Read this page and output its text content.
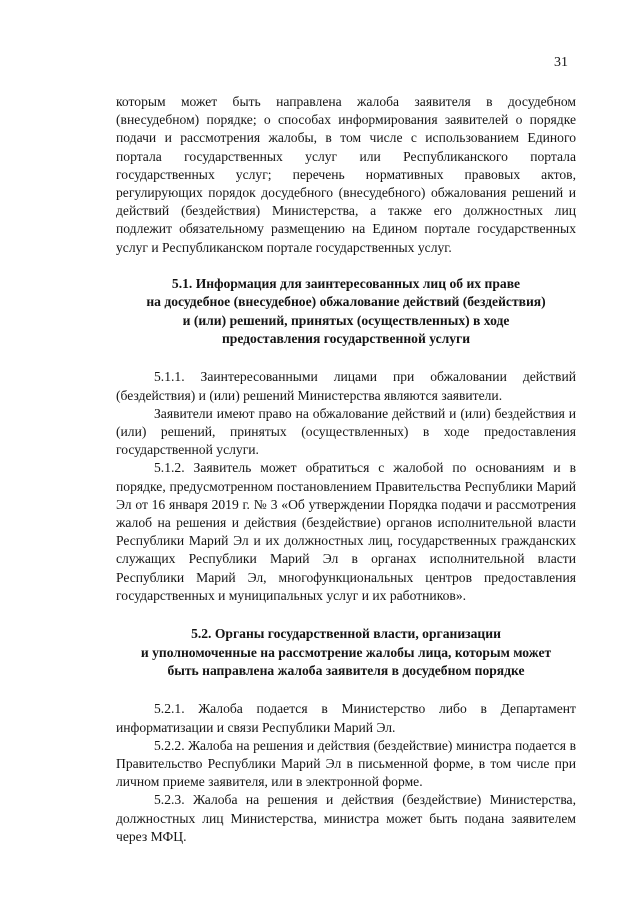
31

которым может быть направлена жалоба заявителя в досудебном (внесудебном) порядке; о способах информирования заявителей о порядке подачи и рассмотрения жалобы, в том числе с использованием Единого портала государственных услуг или Республиканского портала государственных услуг; перечень нормативных правовых актов, регулирующих порядок досудебного (внесудебного) обжалования решений и действий (бездействия) Министерства, а также его должностных лиц подлежит обязательному размещению на Едином портале государственных услуг и Республиканском портале государственных услуг.

5.1. Информация для заинтересованных лиц об их праве
на досудебное (внесудебное) обжалование действий (бездействия)
и (или) решений, принятых (осуществленных) в ходе
предоставления государственной услуги

5.1.1. Заинтересованными лицами при обжаловании действий (бездействия) и (или) решений Министерства являются заявители.

Заявители имеют право на обжалование действий и (или) бездействия и (или) решений, принятых (осуществленных) в ходе предоставления государственной услуги.

5.1.2. Заявитель может обратиться с жалобой по основаниям и в порядке, предусмотренном постановлением Правительства Республики Марий Эл от 16 января 2019 г. № 3 «Об утверждении Порядка подачи и рассмотрения жалоб на решения и действия (бездействие) органов исполнительной власти Республики Марий Эл и их должностных лиц, государственных гражданских служащих Республики Марий Эл в органах исполнительной власти Республики Марий Эл, многофункциональных центров предоставления государственных и муниципальных услуг и их работников».

5.2. Органы государственной власти, организации
и уполномоченные на рассмотрение жалобы лица, которым может
быть направлена жалоба заявителя в досудебном порядке

5.2.1. Жалоба подается в Министерство либо в Департамент информатизации и связи Республики Марий Эл.

5.2.2. Жалоба на решения и действия (бездействие) министра подается в Правительство Республики Марий Эл в письменной форме, в том числе при личном приеме заявителя, или в электронной форме.

5.2.3. Жалоба на решения и действия (бездействие) Министерства, должностных лиц Министерства, министра может быть подана заявителем через МФЦ.
